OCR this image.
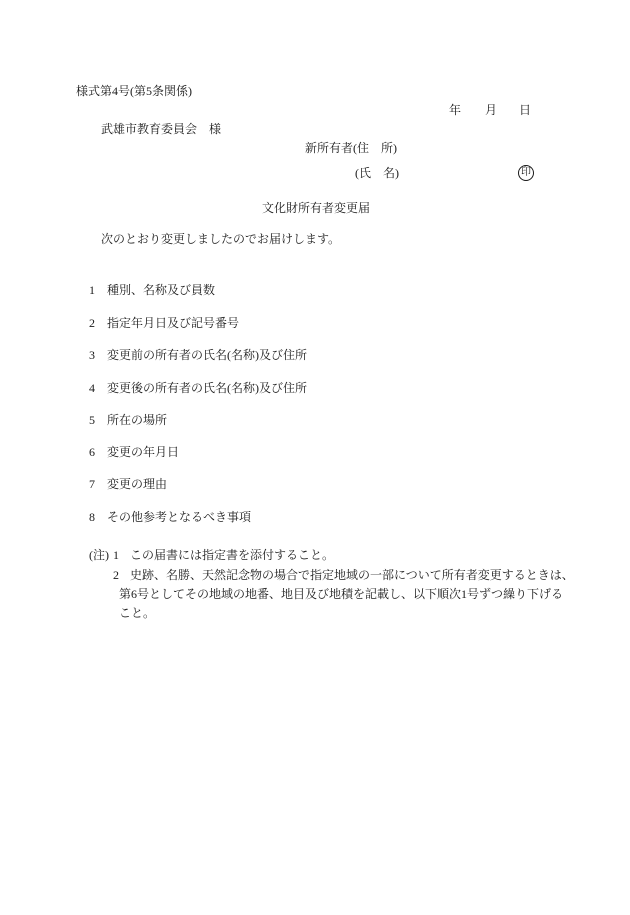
様式第4号(第5条関係)
年 月 日
武雄市教育委員会　様
新所有者(住　所)
(氏　名)	印
文化財所有者変更届
次のとおり変更しましたのでお届けします。
1 種別、名称及び員数
2 指定年月日及び記号番号
3 変更前の所有者の氏名(名称)及び住所
4 変更後の所有者の氏名(名称)及び住所
5 所在の場所
6 変更の年月日
7 変更の理由
8 その他参考となるべき事項
(注) 1 この届書には指定書を添付すること。
2 史跡、名勝、天然記念物の場合で指定地域の一部について所有者変更するときは、
第6号としてその地域の地番、地目及び地積を記載し、以下順次1号ずつ繰り下げる
こと。
